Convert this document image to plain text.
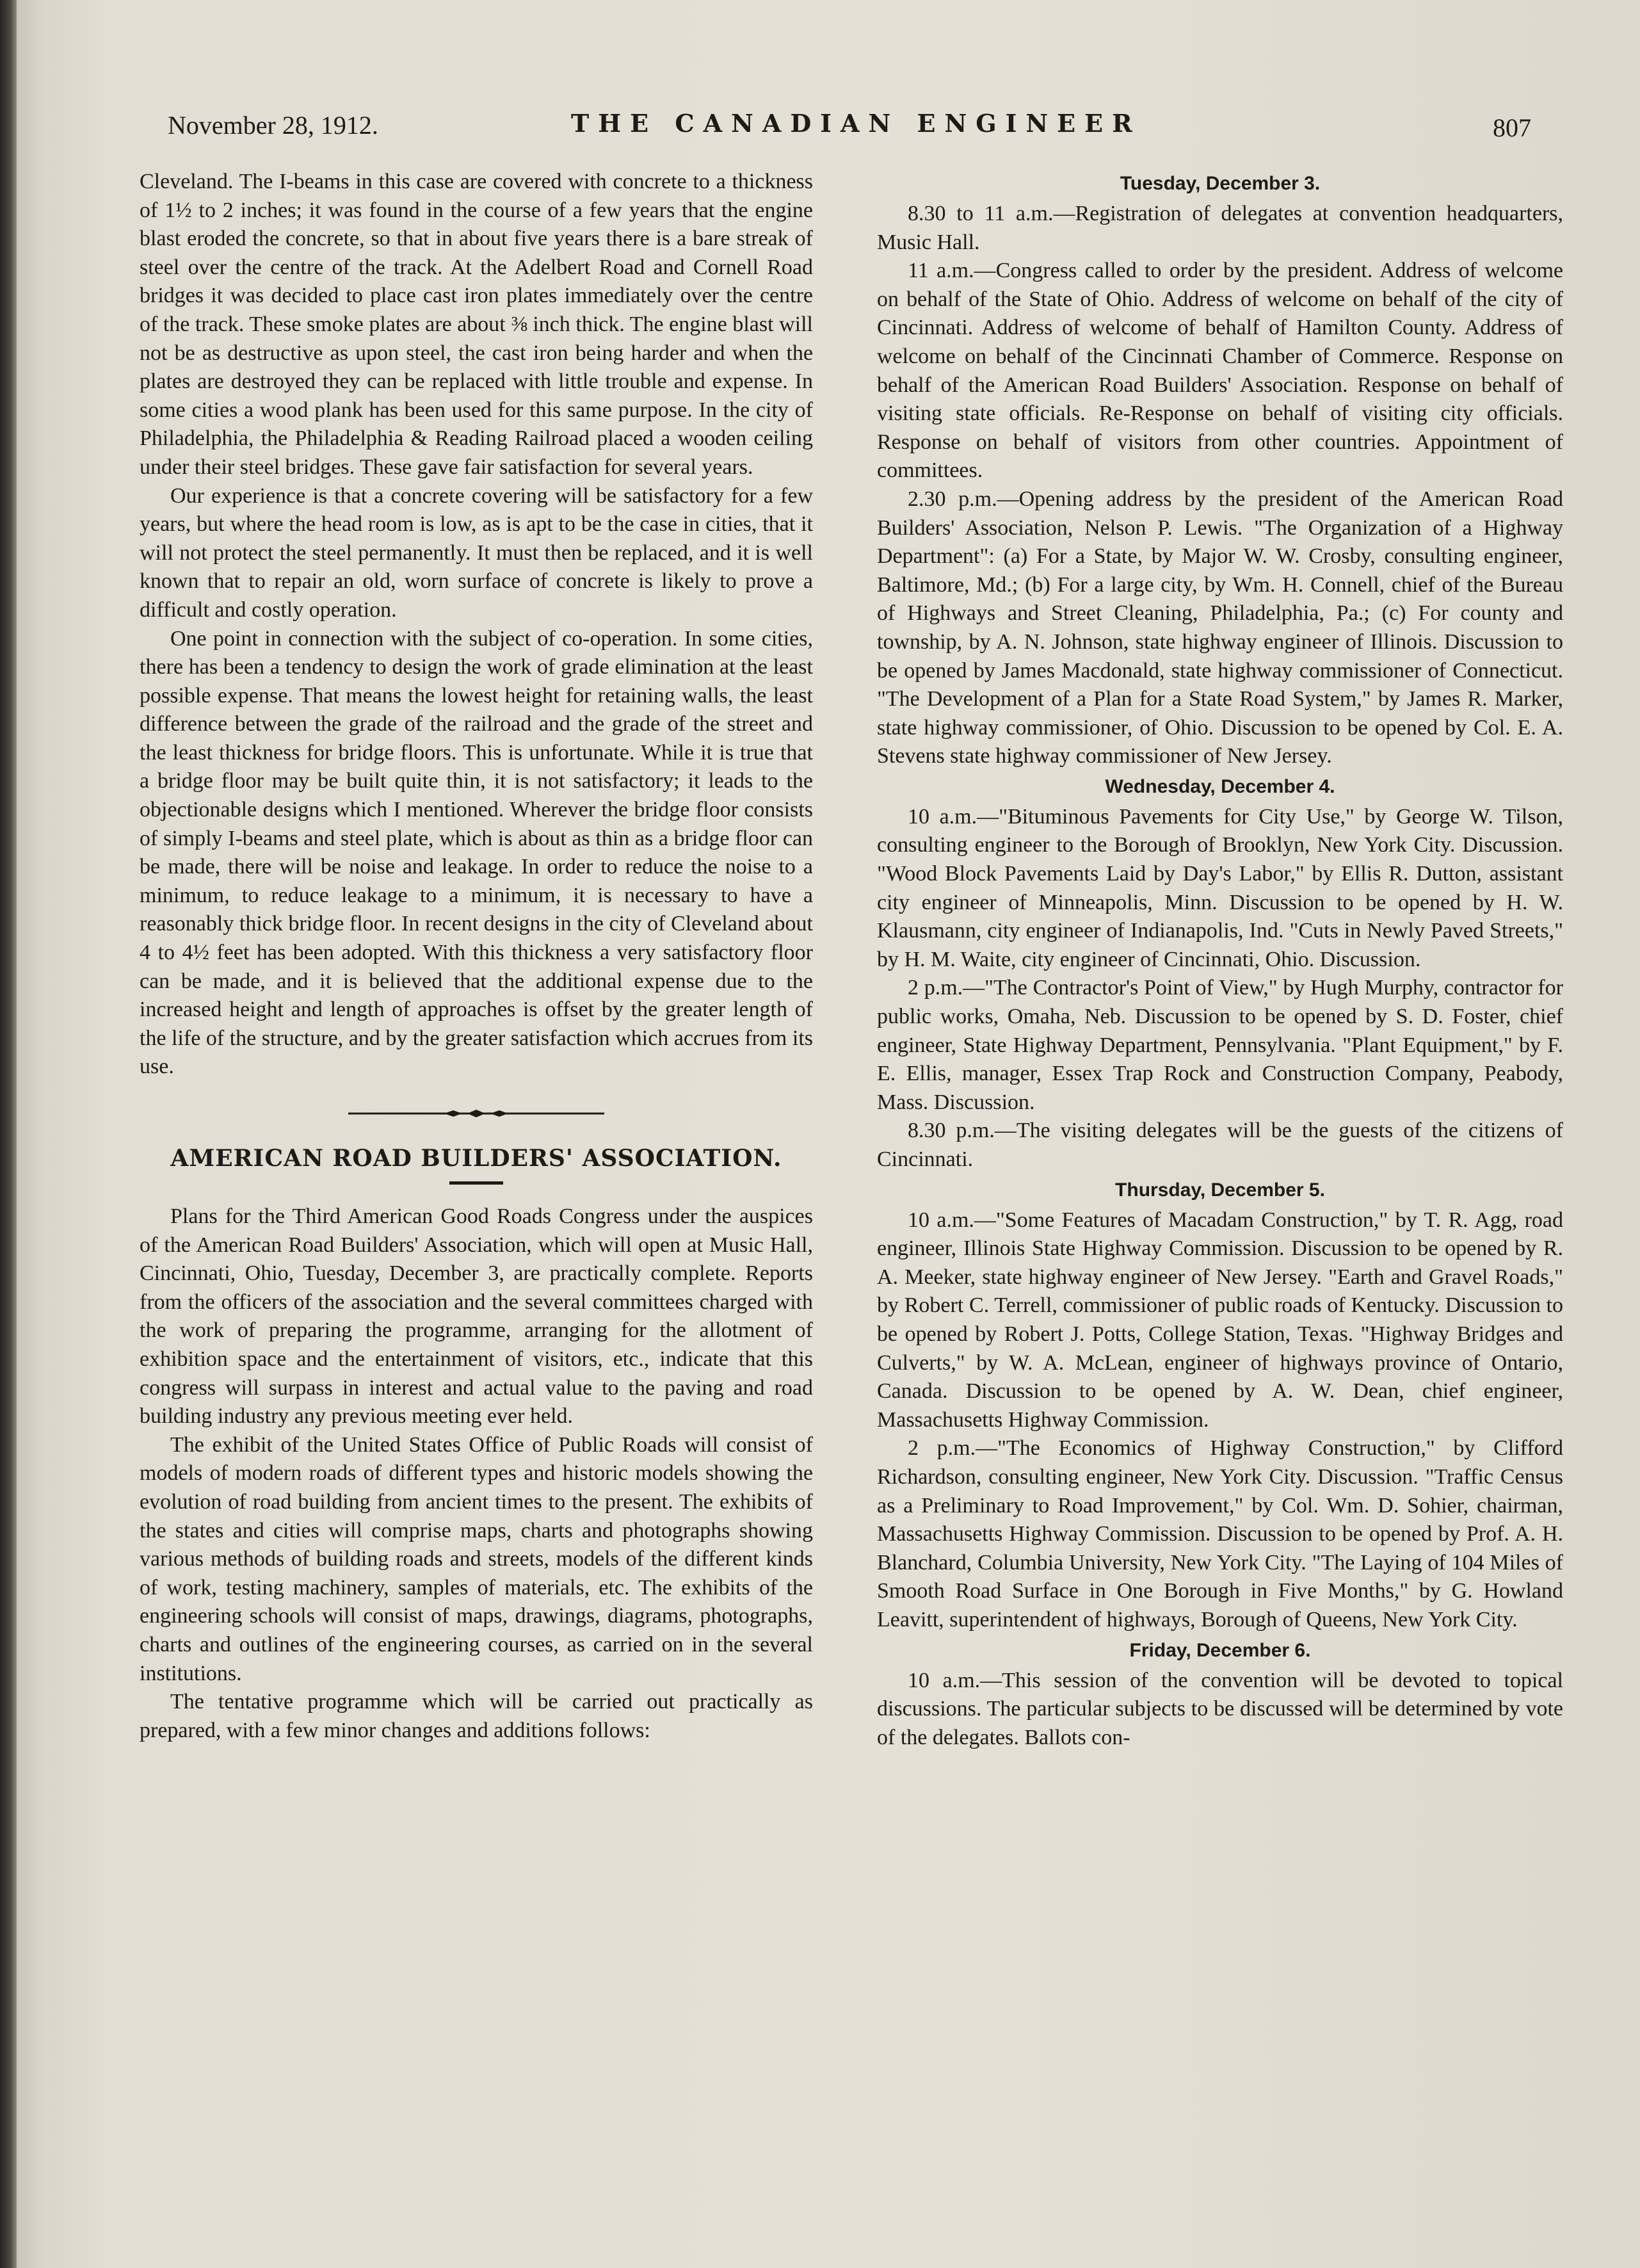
November 28, 1912.	THE CANADIAN ENGINEER	807

Cleveland. The I-beams in this case are covered with concrete to a thickness of 1½ to 2 inches; it was found in the course of a few years that the engine blast eroded the concrete, so that in about five years there is a bare streak of steel over the centre of the track. At the Adelbert Road and Cornell Road bridges it was decided to place cast iron plates immediately over the centre of the track. These smoke plates are about ⅜ inch thick. The engine blast will not be as destructive as upon steel, the cast iron being harder and when the plates are destroyed they can be replaced with little trouble and expense. In some cities a wood plank has been used for this same purpose. In the city of Philadelphia, the Philadelphia & Reading Railroad placed a wooden ceiling under their steel bridges. These gave fair satisfaction for several years.

Our experience is that a concrete covering will be satisfactory for a few years, but where the head room is low, as is apt to be the case in cities, that it will not protect the steel permanently. It must then be replaced, and it is well known that to repair an old, worn surface of concrete is likely to prove a difficult and costly operation.

One point in connection with the subject of co-operation. In some cities, there has been a tendency to design the work of grade elimination at the least possible expense. That means the lowest height for retaining walls, the least difference between the grade of the railroad and the grade of the street and the least thickness for bridge floors. This is unfortunate. While it is true that a bridge floor may be built quite thin, it is not satisfactory; it leads to the objectionable designs which I mentioned. Wherever the bridge floor consists of simply I-beams and steel plate, which is about as thin as a bridge floor can be made, there will be noise and leakage. In order to reduce the noise to a minimum, to reduce leakage to a minimum, it is necessary to have a reasonably thick bridge floor. In recent designs in the city of Cleveland about 4 to 4½ feet has been adopted. With this thickness a very satisfactory floor can be made, and it is believed that the additional expense due to the increased height and length of approaches is offset by the greater length of the life of the structure, and by the greater satisfaction which accrues from its use.

AMERICAN ROAD BUILDERS' ASSOCIATION.

Plans for the Third American Good Roads Congress under the auspices of the American Road Builders' Association, which will open at Music Hall, Cincinnati, Ohio, Tuesday, December 3, are practically complete. Reports from the officers of the association and the several committees charged with the work of preparing the programme, arranging for the allotment of exhibition space and the entertainment of visitors, etc., indicate that this congress will surpass in interest and actual value to the paving and road building industry any previous meeting ever held.

The exhibit of the United States Office of Public Roads will consist of models of modern roads of different types and historic models showing the evolution of road building from ancient times to the present. The exhibits of the states and cities will comprise maps, charts and photographs showing various methods of building roads and streets, models of the different kinds of work, testing machinery, samples of materials, etc. The exhibits of the engineering schools will consist of maps, drawings, diagrams, photographs, charts and outlines of the engineering courses, as carried on in the several institutions.

The tentative programme which will be carried out practically as prepared, with a few minor changes and additions follows:

Tuesday, December 3.

8.30 to 11 a.m.—Registration of delegates at convention headquarters, Music Hall.

11 a.m.—Congress called to order by the president. Address of welcome on behalf of the State of Ohio. Address of welcome on behalf of the city of Cincinnati. Address of welcome of behalf of Hamilton County. Address of welcome on behalf of the Cincinnati Chamber of Commerce. Response on behalf of the American Road Builders' Association. Response on behalf of visiting state officials. Re-Response on behalf of visiting city officials. Response on behalf of visitors from other countries. Appointment of committees.

2.30 p.m.—Opening address by the president of the American Road Builders' Association, Nelson P. Lewis. "The Organization of a Highway Department": (a) For a State, by Major W. W. Crosby, consulting engineer, Baltimore, Md.; (b) For a large city, by Wm. H. Connell, chief of the Bureau of Highways and Street Cleaning, Philadelphia, Pa.; (c) For county and township, by A. N. Johnson, state highway engineer of Illinois. Discussion to be opened by James Macdonald, state highway commissioner of Connecticut. "The Development of a Plan for a State Road System," by James R. Marker, state highway commissioner, of Ohio. Discussion to be opened by Col. E. A. Stevens state highway commissioner of New Jersey.

Wednesday, December 4.

10 a.m.—"Bituminous Pavements for City Use," by George W. Tilson, consulting engineer to the Borough of Brooklyn, New York City. Discussion. "Wood Block Pavements Laid by Day's Labor," by Ellis R. Dutton, assistant city engineer of Minneapolis, Minn. Discussion to be opened by H. W. Klausmann, city engineer of Indianapolis, Ind. "Cuts in Newly Paved Streets," by H. M. Waite, city engineer of Cincinnati, Ohio. Discussion.

2 p.m.—"The Contractor's Point of View," by Hugh Murphy, contractor for public works, Omaha, Neb. Discussion to be opened by S. D. Foster, chief engineer, State Highway Department, Pennsylvania. "Plant Equipment," by F. E. Ellis, manager, Essex Trap Rock and Construction Company, Peabody, Mass. Discussion.

8.30 p.m.—The visiting delegates will be the guests of the citizens of Cincinnati.

Thursday, December 5.

10 a.m.—"Some Features of Macadam Construction," by T. R. Agg, road engineer, Illinois State Highway Commission. Discussion to be opened by R. A. Meeker, state highway engineer of New Jersey. "Earth and Gravel Roads," by Robert C. Terrell, commissioner of public roads of Kentucky. Discussion to be opened by Robert J. Potts, College Station, Texas. "Highway Bridges and Culverts," by W. A. McLean, engineer of highways province of Ontario, Canada. Discussion to be opened by A. W. Dean, chief engineer, Massachusetts Highway Commission.

2 p.m.—"The Economics of Highway Construction," by Clifford Richardson, consulting engineer, New York City. Discussion. "Traffic Census as a Preliminary to Road Improvement," by Col. Wm. D. Sohier, chairman, Massachusetts Highway Commission. Discussion to be opened by Prof. A. H. Blanchard, Columbia University, New York City. "The Laying of 104 Miles of Smooth Road Surface in One Borough in Five Months," by G. Howland Leavitt, superintendent of highways, Borough of Queens, New York City.

Friday, December 6.

10 a.m.—This session of the convention will be devoted to topical discussions. The particular subjects to be discussed will be determined by vote of the delegates. Ballots con-
